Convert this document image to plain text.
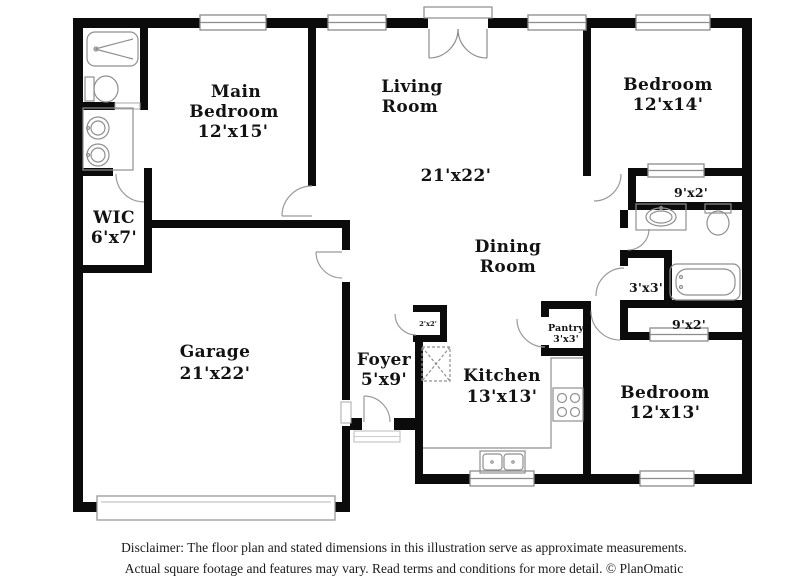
Main
Bedroom
12'x15'
Living
Room
21'x22'
Bedroom
12'x14'
WIC
6'x7'	Dining
Room
Garage
21'x22'
Foyer
5'x9'	Kitchen
13'x13'	Bedroom
12'x13'
9'x2'
3'x3'
9'x2'
Pantry
3'x3'
2'x2'
Disclaimer: The floor plan and stated dimensions in this illustration serve as approximate measurements.
Actual square footage and features may vary. Read terms and conditions for more detail. © PlanOmatic
